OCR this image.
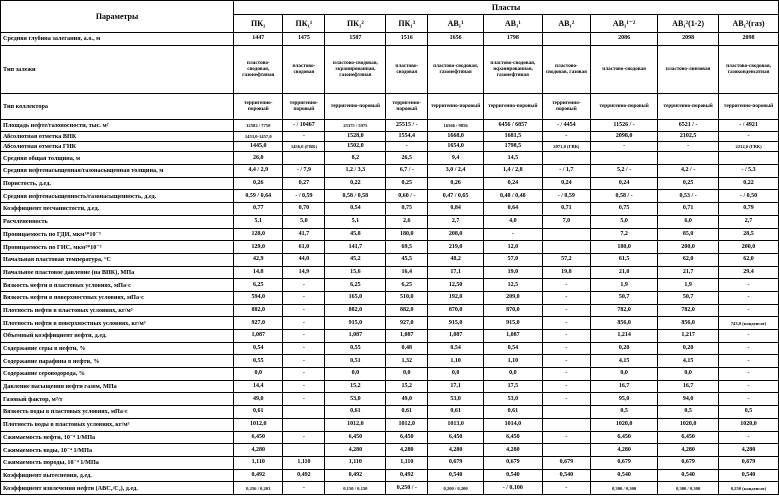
Параметры	Пласты									
	ПК₁	ПК₁¹	ПК₁²	ПК₁³	АВ₁¹	АВ₁¹	АВ₁²	АВ₁¹⁻²	АВ₁²(1-2)	АВ₁²(газ)
Средняя глубина залегания, а.о., м	1447	1475	1587	1516	1656	1798		2086	2098	2098
Тип залежи	пластово-сводовая, газонефтяная	пластово-сводовая	пластово-сводовая, экранированная, газонефтяная	пластово-сводовая	пластово-сводовая, газонефтяная	пластово-сводовая, экранированная, газонефтяная	пластово-сводовая, газовая	пластово-сводовая	пластово-линзовая	пластово-сводовая, газоконденсатная
Тип коллектора	терригенно-поровый	терригенно-поровый	терригенно-поровый	терригенно-поровый	терригенно-поровый	терригенно-поровый	терригенно-поровый	терригенно-поровый	терригенно-поровый	терригенно-поровый
Площадь нефте/газоносности, тыс. м²	12582 / 7758	- / 10467	25375 / 5975	25515 / -	16566 / 9856	6456 / 6857	- / 4454	11526 / -	6521 / -	- / 4921
Абсолютная отметка ВНК	1453,0-1457,0	-	1528,0	1554,4	1668,0	1681,5	-	2098,0	2102,5	-
Абсолютная отметка ГНК	1445,0	1456,0 (ГВК)	1502,0	-	1654,0	1798,5	2071,0 (ГВК)	-	-	2212,0 (ГВК)
Средняя общая толщина, м	26,0		8,2	26,5	9,4	14,5				
Средняя нефтенасыщенная/газонасыщенная толщина, м	4,4 / 2,9	- / 7,9	1,2 / 3,3	6,7 / -	3,0 / 2,4	1,4 / 2,8	- / 1,7	5,2 / -	4,2 / -	- / 5,3
Пористость, д.ед.	0,26	0,27	0,22	0,25	0,26	0,24	0,24	0,24	0,25	0,22
Средняя нефтенасыщенность/газонасыщенность, д.ед.	0,59 / 0,64	- / 0,59	0,58 / 0,58	0,60 / -	0,47 / 0,65	0,48 / 0,48	- / 0,59	0,58 / -	0,53 / -	- / 0,50
Коэффициент песчанистости, д.ед.	0,77	0,70	0,54	0,75	0,84	0,64	0,71	0,75	0,71	0,79
Расчлененность	5,1	5,0	5,1	2,6	2,7	4,0	7,0	5,0	6,0	2,7
Проницаемость по ГДИ, мкм²*10⁻³	128,0	41,7	45,8	180,0	208,0	-		7,2	85,0	28,5
Проницаемость по ГИС, мкм²*10⁻³	129,0	61,0	141,7	69,5	219,0	12,0		180,0	200,0	200,0
Начальная пластовая температура, °С	42,9	44,0	45,2	45,5	48,2	57,0	57,2	61,5	62,0	62,0
Начальное пластовое давление (на ВНК), МПа	14,8	14,9	15,6	16,4	17,1	19,0	19,8	21,0	21,7	29,4
Вязкость нефти в пластовых условиях, мПа·с	6,25	-	6,25	6,25	12,50	12,5	-	1,9	1,9	-
Вязкость нефти в поверхностных условиях, мПа·с	594,0	-	165,0	510,0	192,0	209,0	-	50,7	50,7	-
Плотность нефти в пластовых условиях, кг/м³	882,0	-	882,0	882,0	870,0	870,0	-	782,0	782,0	-
Плотность нефти в поверхностных условиях, кг/м³	927,0	-	915,0	927,0	915,0	915,0	-	856,0	856,0	743,0 (конденсат)
Объемный коэффициент нефти, д.ед.	1,087	-	1,087	1,087	1,087	1,087	-	1,214	1,217	-
Содержание серы в нефти, %	0,54	-	0,55	0,48	0,54	0,54	-	0,20	0,20	-
Содержание парафина в нефти, %	0,55	-	0,51	1,32	1,10	1,10	-	4,15	4,15	-
Содержание сероводорода, %	0,0	-	0,0	0,0	0,0	0,0	-	0,0	0,0	-
Давление насыщения нефти газом, МПа	14,4	-	15,2	15,2	17,1	17,5	-	16,7	16,7	-
Газовый фактор, м³/т	49,0	-	53,0	49,0	53,0	53,0	-	95,0	94,0	-
Вязкость воды в пластовых условиях, мПа·с	0,61		0,61	0,61	0,61	0,61		0,5	0,5	0,5
Плотность воды в пластовых условиях, кг/м³	1012,0		1012,0	1012,0	1013,0	1014,0		1020,0	1020,0	1020,0
Сжимаемость нефти, 10⁻⁴ 1/МПа	6,450	-	6,450	6,450	6,450	6,450	-	6,450	6,450	-
Сжимаемость воды, 10⁻⁴ 1/МПа	4,280		4,280	4,280	4,280	4,280		4,280	4,280	4,280
Сжимаемость породы, 10⁻⁴ 1/МПа	1,110	1,110	1,110	1,110	0,679	0,679	0,679	0,679	0,679	0,679
Коэффициент вытеснения, д.ед.	0,492	0,492	0,492	0,492	0,540	0,540	0,540	0,540	0,540	0,540
Коэффициент извлечения нефти (АВС₁/С₂), д.ед.	0,256 / 0,203	-	0,150 / 0,150	0,250 / -	0,200 / 0,200	- / 0,100	-	0,300 / 0,300	0,300 / 0,300	0,250 (конденсат)
